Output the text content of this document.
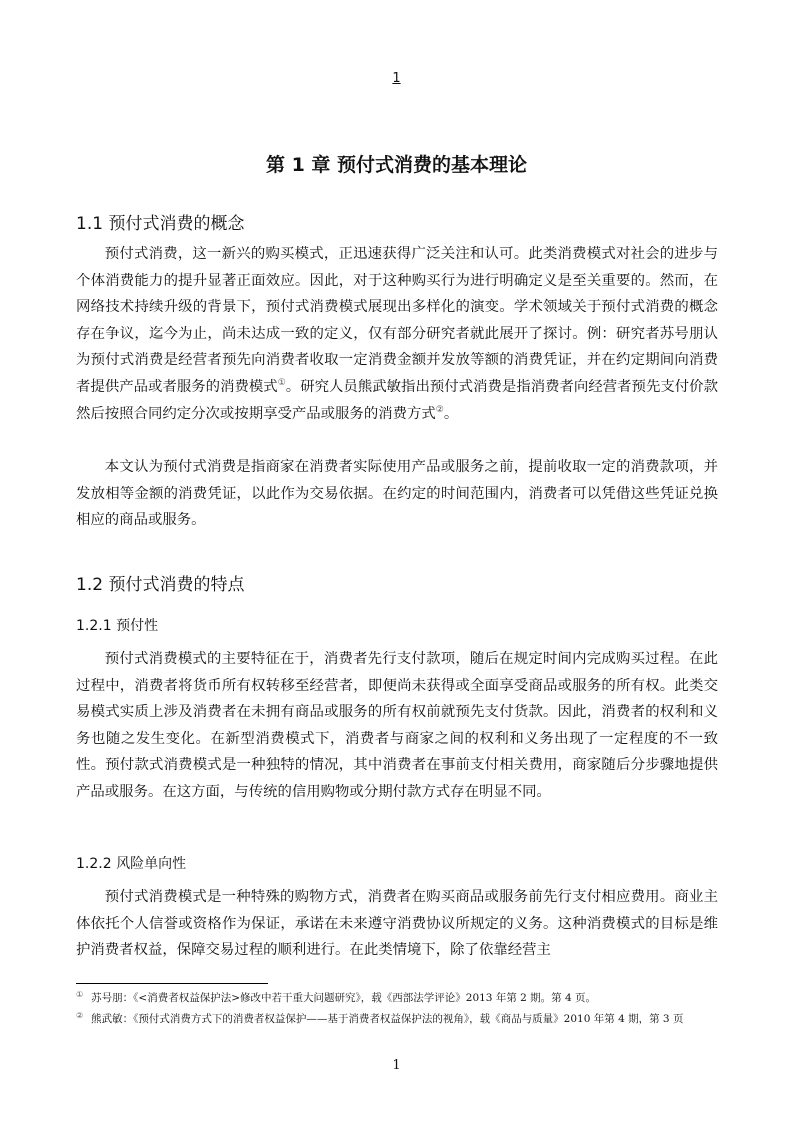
1
第 1 章 预付式消费的基本理论
1.1 预付式消费的概念

预付式消费，这一新兴的购买模式，正迅速获得广泛关注和认可。此类消费模式对社会的进步与个体消费能力的提升显著正面效应。因此，对于这种购买行为进行明确定义是至关重要的。然而，在网络技术持续升级的背景下，预付式消费模式展现出多样化的演变。学术领域关于预付式消费的概念存在争议，迄今为止，尚未达成一致的定义，仅有部分研究者就此展开了探讨。例：研究者苏号朋认为预付式消费是经营者预先向消费者收取一定消费金额并发放等额的消费凭证，并在约定期间向消费者提供产品或者服务的消费模式①。研究人员熊武敏指出预付式消费是指消费者向经营者预先支付价款然后按照合同约定分次或按期享受产品或服务的消费方式②。

本文认为预付式消费是指商家在消费者实际使用产品或服务之前，提前收取一定的消费款项，并发放相等金额的消费凭证，以此作为交易依据。在约定的时间范围内，消费者可以凭借这些凭证兑换相应的商品或服务。

1.2 预付式消费的特点
1.2.1 预付性

预付式消费模式的主要特征在于，消费者先行支付款项，随后在规定时间内完成购买过程。在此过程中，消费者将货币所有权转移至经营者，即便尚未获得或全面享受商品或服务的所有权。此类交易模式实质上涉及消费者在未拥有商品或服务的所有权前就预先支付货款。因此，消费者的权利和义务也随之发生变化。在新型消费模式下，消费者与商家之间的权利和义务出现了一定程度的不一致性。预付款式消费模式是一种独特的情况，其中消费者在事前支付相关费用，商家随后分步骤地提供产品或服务。在这方面，与传统的信用购物或分期付款方式存在明显不同。

1.2.2 风险单向性

预付式消费模式是一种特殊的购物方式，消费者在购买商品或服务前先行支付相应费用。商业主体依托个人信誉或资格作为保证，承诺在未来遵守消费协议所规定的义务。这种消费模式的目标是维护消费者权益，保障交易过程的顺利进行。在此类情境下，除了依靠经营主

① 苏号朋：《<消费者权益保护法>修改中若干重大问题研究》，载《西部法学评论》2013 年第 2 期。第 4 页。

② 熊武敏：《预付式消费方式下的消费者权益保护——基于消费者权益保护法的视角》，载《商品与质量》2010 年第 4 期，第 3 页

1
